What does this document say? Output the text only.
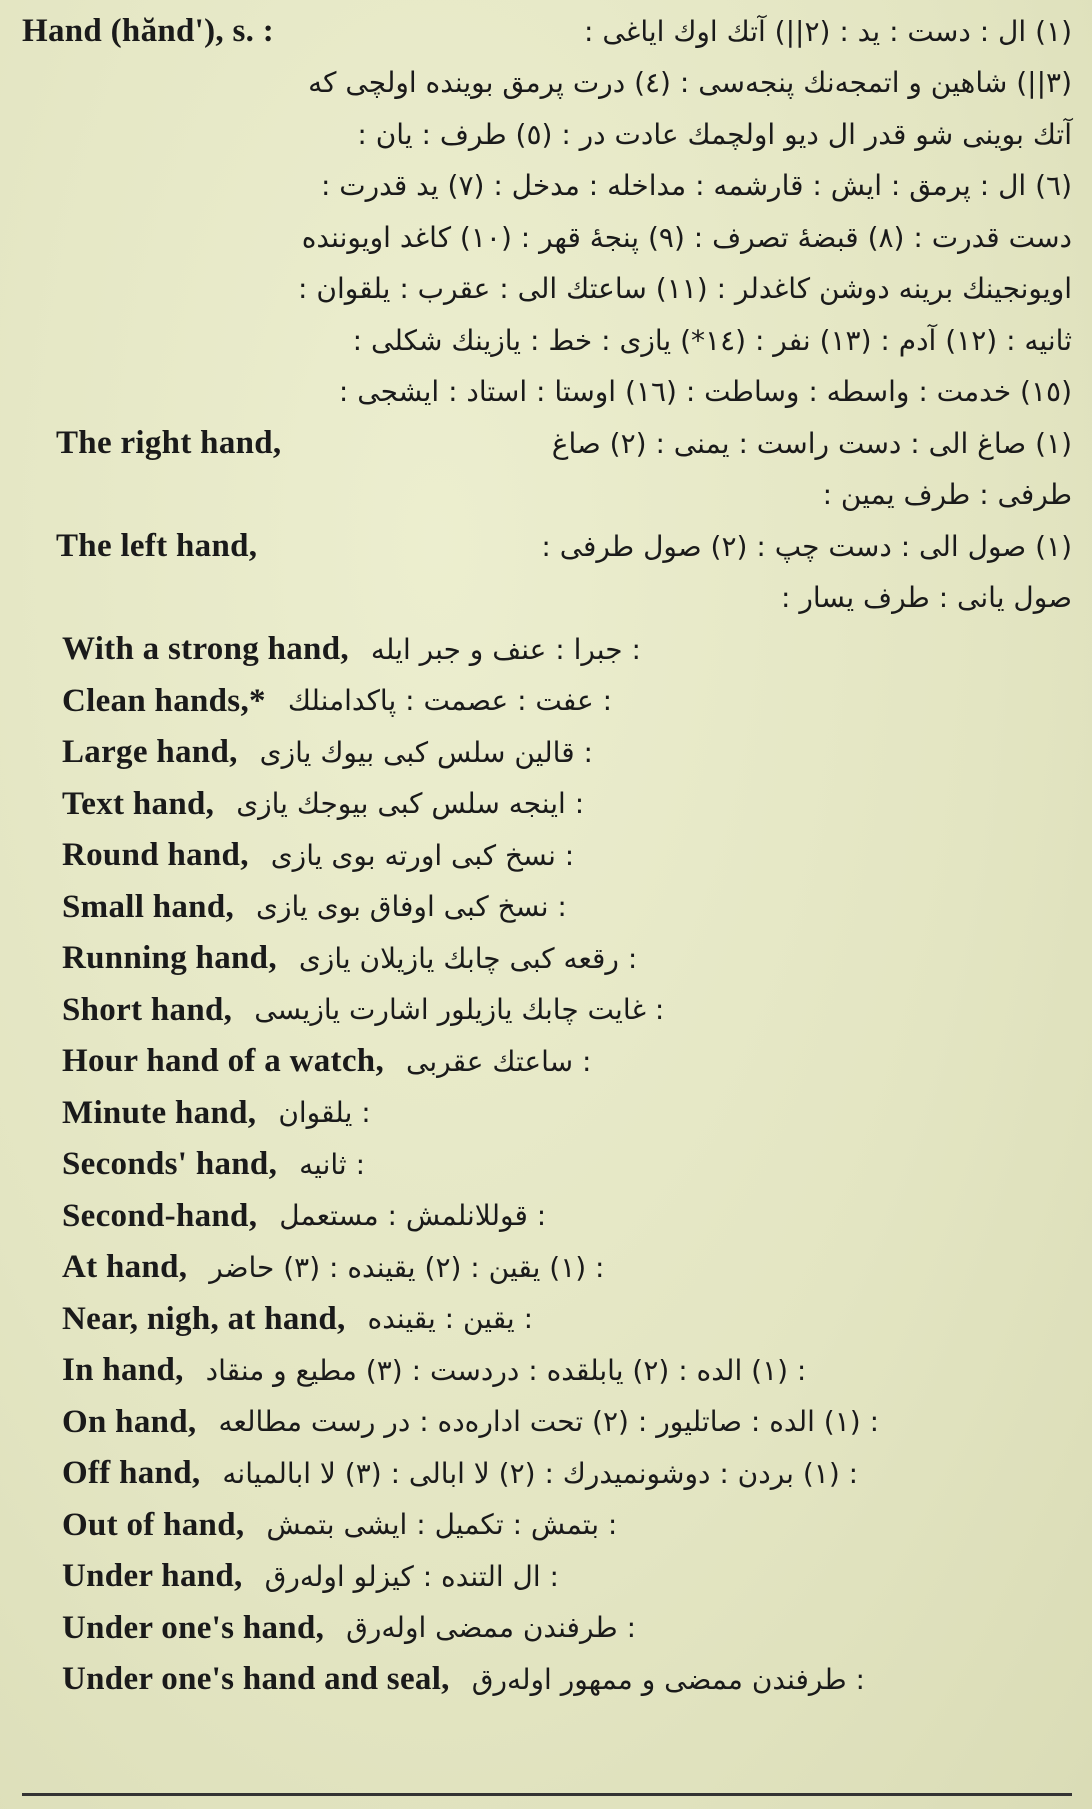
Hand (hănd'), s. :	(١) ال : دست : يد : (٢||) آتك اوك اياغى :
(٣||) شاهين و اتمجەنك پنجەسى : (٤) درت پرمق بويندە اولچى كە
آتك بوينى شو قدر ال ديو اولچمك عادت در : (٥) طرف : يان :
(٦) ال : پرمق : ايش : قارشمە : مداخلە : مدخل : (٧) يد قدرت :
دست قدرت : (٨) قبضۀ تصرف : (٩) پنجۀ قهر : (١٠) كاغد اويونندە
اويونجينك برينە دوشن كاغدلر : (١١) ساعتك الى : عقرب : يلقوان :
ثانيە : (١٢) آدم : (١٣) نفر : (١٤*) يازى : خط : يازينك شكلى :
(١٥) خدمت : واسطە : وساطت : (١٦) اوستا : استاد : ايشجى :
The right hand,	(١) صاغ الى : دست راست : يمنى : (٢) صاغ
طرفى : طرف يمين :
The left hand,	(١) صول الى : دست چپ : (٢) صول طرفى :
صول يانى : طرف يسار :
With a strong hand, : جبرا : عنف و جبر ايلە
Clean hands,* : عفت : عصمت : پاكدامنلك
Large hand, : قالين سلس كبى بيوك يازى
Text hand, : اينجە سلس كبى بيوجك يازى
Round hand, : نسخ كبى اورتە بوى يازى
Small hand, : نسخ كبى اوفاق بوى يازى
Running hand, : رقعە كبى چابك يازيلان يازى
Short hand, : غايت چابك يازيلور اشارت يازيسى
Hour hand of a watch, : ساعتك عقربى
Minute hand, : يلقوان
Seconds' hand, : ثانيە
Second-hand, : قوللانلمش : مستعمل
At hand, : (١) يقين : (٢) يقيندە : (٣) حاضر
Near, nigh, at hand, : يقين : يقيندە
In hand, : (١) الدە : (٢) يابلقدە : دردست : (٣) مطيع و منقاد
On hand, : (١) الدە : صاتليور : (٢) تحت ادارەدە : در رست مطالعە
Off hand, : (١) بردن : دوشونميدرك : (٢) لا ابالى : (٣) لا ابالميانە
Out of hand, : بتمش : تكميل : ايشى بتمش
Under hand, : ال التندە : كيزلو اولەرق
Under one's hand, : طرفندن ممضى اولەرق
Under one's hand and seal, : طرفندن ممضى و ممهور اولەرق
